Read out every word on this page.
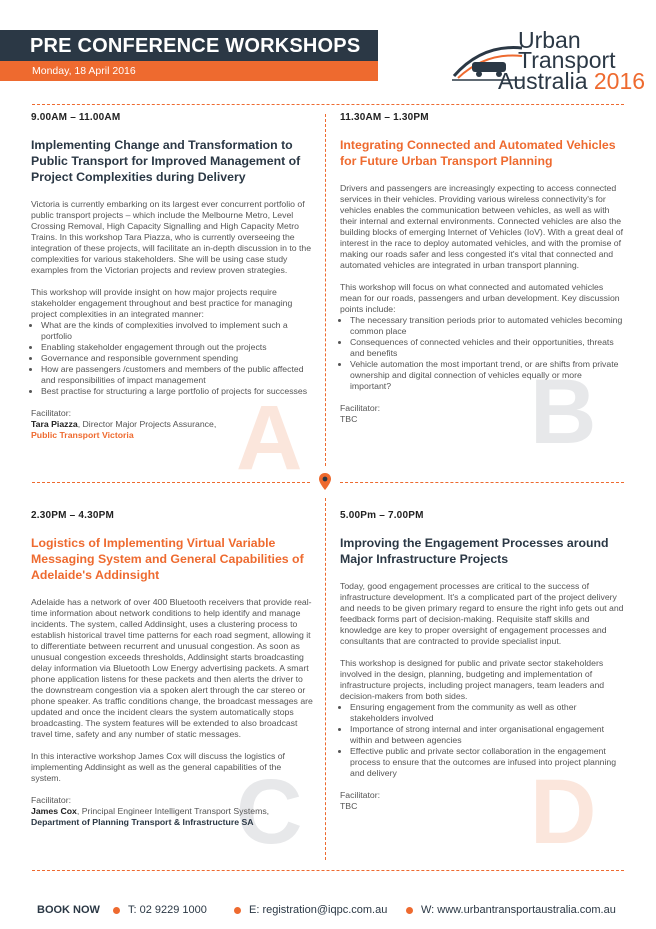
PRE CONFERENCE WORKSHOPS
Monday, 18 April 2016
Urban
Transport
Australia 2016
A B
C D
9.00AM – 11.00AM
Implementing Change and Transformation to Public Transport for Improved Management of Project Complexities during Delivery

Victoria is currently embarking on its largest ever concurrent portfolio of public transport projects – which include the Melbourne Metro, Level Crossing Removal, High Capacity Signalling and High Capacity Metro Trains. In this workshop Tara Piazza, who is currently overseeing the integration of these projects, will facilitate an in-depth discussion in to the complexities for various stakeholders. She will be using case study examples from the Victorian projects and review proven strategies.

This workshop will provide insight on how major projects require stakeholder engagement throughout and best practice for managing project complexities in an integrated manner:

• What are the kinds of complexities involved to implement such a portfolio
• Enabling stakeholder engagement through out the projects
• Governance and responsible government spending
• How are passengers /customers and members of the public affected and responsibilities of impact management
• Best practise for structuring a large portfolio of projects for successes
Facilitator:
Tara Piazza, Director Major Projects Assurance,
Public Transport Victoria
11.30AM – 1.30PM
Integrating Connected and Automated Vehicles for Future Urban Transport Planning

Drivers and passengers are increasingly expecting to access connected services in their vehicles. Providing various wireless connectivity's for vehicles enables the communication between vehicles, as well as with their internal and external environments. Connected vehicles are also the building blocks of emerging Internet of Vehicles (IoV). With a great deal of interest in the race to deploy automated vehicles, and with the promise of making our roads safer and less congested it's vital that connected and automated vehicles are integrated in urban transport planning.

This workshop will focus on what connected and automated vehicles mean for our roads, passengers and urban development. Key discussion points include:

• The necessary transition periods prior to automated vehicles becoming common place
• Consequences of connected vehicles and their opportunities, threats and benefits
• Vehicle automation the most important trend, or are shifts from private ownership and digital connection of vehicles equally or more important?
Facilitator:
TBC
2.30PM – 4.30PM
Logistics of Implementing Virtual Variable Messaging System and General Capabilities of Adelaide's Addinsight

Adelaide has a network of over 400 Bluetooth receivers that provide real-time information about network conditions to help identify and manage incidents. The system, called Addinsight, uses a clustering process to establish historical travel time patterns for each road segment, allowing it to differentiate between recurrent and unusual congestion. As soon as unusual congestion exceeds thresholds, Addinsight starts broadcasting delay information via Bluetooth Low Energy advertising packets. A smart phone application listens for these packets and then alerts the driver to the downstream congestion via a spoken alert through the car stereo or phone speaker. As traffic conditions change, the broadcast messages are updated and once the incident clears the system automatically stops broadcasting. The system features will be extended to also broadcast travel time, safety and any number of static messages.

In this interactive workshop James Cox will discuss the logistics of implementing Addinsight as well as the general capabilities of the system.

Facilitator:
James Cox, Principal Engineer Intelligent Transport Systems,
Department of Planning Transport & Infrastructure SA
5.00Pm – 7.00PM
Improving the Engagement Processes around Major Infrastructure Projects

Today, good engagement processes are critical to the success of infrastructure development. It's a complicated part of the project delivery and needs to be given primary regard to ensure the right info gets out and feedback forms part of decision-making. Requisite staff skills and knowledge are key to proper oversight of engagement processes and consultants that are contracted to provide specialist input.

This workshop is designed for public and private sector stakeholders involved in the design, planning, budgeting and implementation of infrastructure projects, including project managers, team leaders and decision-makers from both sides.

• Ensuring engagement from the community as well as other stakeholders involved
• Importance of strong internal and inter organisational engagement within and between agencies
• Effective public and private sector collaboration in the engagement process to ensure that the outcomes are infused into project planning and delivery
Facilitator:
TBC
BOOK NOW	T: 02 9229 1000	E: registration@iqpc.com.au	W: www.urbantransportaustralia.com.au
